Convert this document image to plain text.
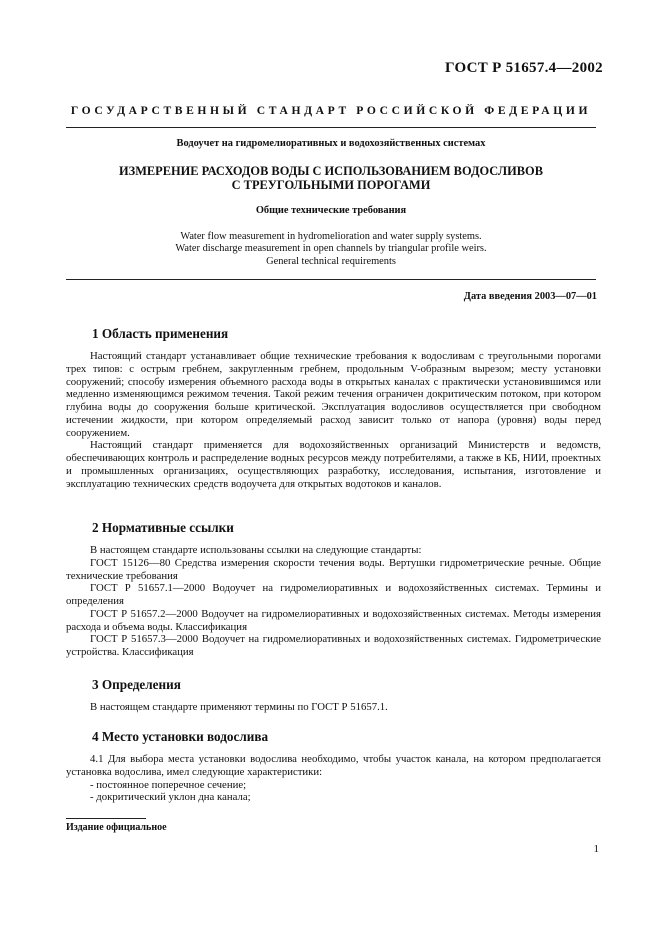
ГОСТ Р 51657.4—2002
ГОСУДАРСТВЕННЫЙ СТАНДАРТ РОССИЙСКОЙ ФЕДЕРАЦИИ
Водоучет на гидромелиоративных и водохозяйственных системах
ИЗМЕРЕНИЕ РАСХОДОВ ВОДЫ С ИСПОЛЬЗОВАНИЕМ ВОДОСЛИВОВ
С ТРЕУГОЛЬНЫМИ ПОРОГАМИ
Общие технические требования
Water flow measurement in hydromelioration and water supply systems.
Water discharge measurement in open channels by triangular profile weirs.
General technical requirements
Дата введения 2003—07—01
1 Область применения

Настоящий стандарт устанавливает общие технические требования к водосливам с треугольными порогами трех типов: с острым гребнем, закругленным гребнем, продольным V-образным вырезом; месту установки сооружений; способу измерения объемного расхода воды в открытых каналах с практически установившимся или медленно изменяющимся режимом течения. Такой режим течения ограничен докритическим потоком, при котором глубина воды до сооружения больше критической. Эксплуатация водосливов осуществляется при свободном истечении жидкости, при котором определяемый расход зависит только от напора (уровня) воды перед сооружением.

Настоящий стандарт применяется для водохозяйственных организаций Министерств и ведомств, обеспечивающих контроль и распределение водных ресурсов между потребителями, а также в КБ, НИИ, проектных и промышленных организациях, осуществляющих разработку, исследования, испытания, изготовление и эксплуатацию технических средств водоучета для открытых водотоков и каналов.

2 Нормативные ссылки

В настоящем стандарте использованы ссылки на следующие стандарты:

ГОСТ 15126—80 Средства измерения скорости течения воды. Вертушки гидрометрические речные. Общие технические требования

ГОСТ Р 51657.1—2000 Водоучет на гидромелиоративных и водохозяйственных системах. Термины и определения

ГОСТ Р 51657.2—2000 Водоучет на гидромелиоративных и водохозяйственных системах. Методы измерения расхода и объема воды. Классификация

ГОСТ Р 51657.3—2000 Водоучет на гидромелиоративных и водохозяйственных системах. Гидрометрические устройства. Классификация

3 Определения

В настоящем стандарте применяют термины по ГОСТ Р 51657.1.

4 Место установки водослива

4.1 Для выбора места установки водослива необходимо, чтобы участок канала, на котором предполагается установка водослива, имел следующие характеристики:

- постоянное поперечное сечение;
- докритический уклон дна канала;
Издание официальное
1
